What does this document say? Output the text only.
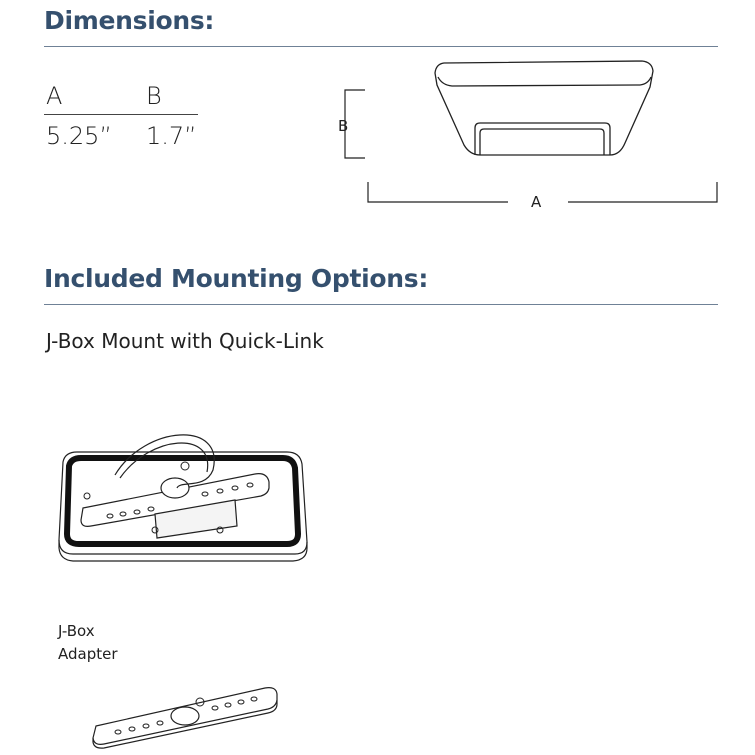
Dimensions:
A	B
5.25” 1.7”	B
A
Included Mounting Options:
J-Box Mount with Quick-Link
J-Box
Adapter
